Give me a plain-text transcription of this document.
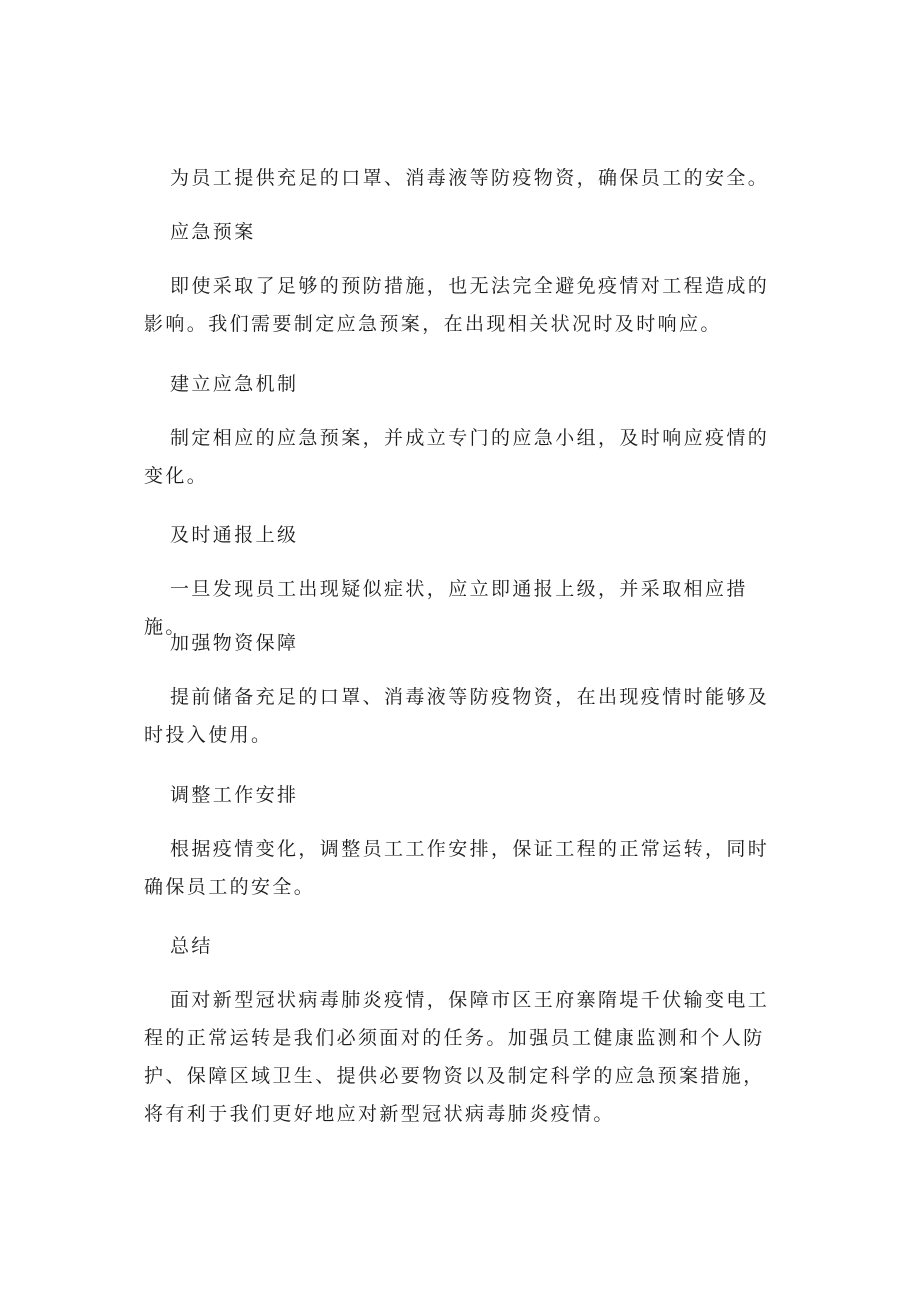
为员工提供充足的口罩、消毒液等防疫物资，确保员工的安全。

应急预案

即使采取了足够的预防措施，也无法完全避免疫情对工程造成的影响。我们需要制定应急预案，在出现相关状况时及时响应。

建立应急机制

制定相应的应急预案，并成立专门的应急小组，及时响应疫情的变化。

及时通报上级

一旦发现员工出现疑似症状，应立即通报上级，并采取相应措施。

加强物资保障

提前储备充足的口罩、消毒液等防疫物资，在出现疫情时能够及时投入使用。

调整工作安排

根据疫情变化，调整员工工作安排，保证工程的正常运转，同时确保员工的安全。

总结

面对新型冠状病毒肺炎疫情，保障市区王府寨隋堤千伏输变电工程的正常运转是我们必须面对的任务。加强员工健康监测和个人防护、保障区域卫生、提供必要物资以及制定科学的应急预案措施，将有利于我们更好地应对新型冠状病毒肺炎疫情。
